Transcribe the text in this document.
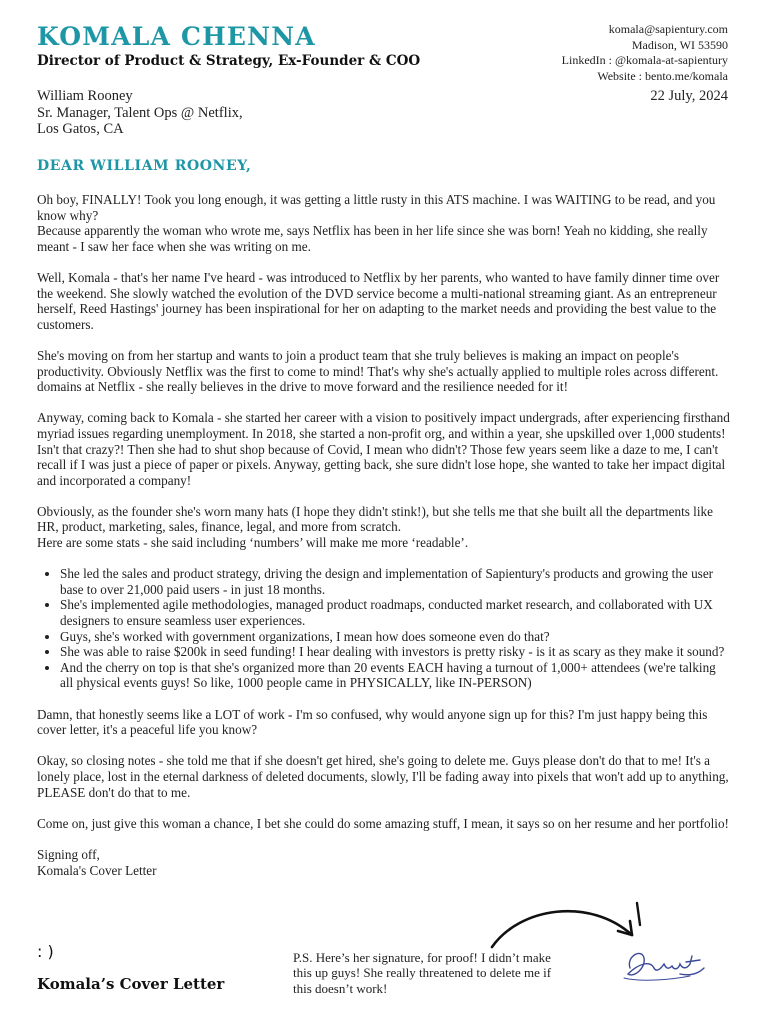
KOMALA CHENNA
Director of Product & Strategy, Ex-Founder & COO
komala@sapientury.com
Madison, WI 53590
LinkedIn : @komala-at-sapientury
Website : bento.me/komala
William Rooney
Sr. Manager, Talent Ops @ Netflix,
Los Gatos, CA
22 July, 2024
DEAR WILLIAM ROONEY,

Oh boy, FINALLY! Took you long enough, it was getting a little rusty in this ATS machine. I was WAITING to be read, and you know why?
Because apparently the woman who wrote me, says Netflix has been in her life since she was born! Yeah no kidding, she really meant - I saw her face when she was writing on me.

Well, Komala - that's her name I've heard - was introduced to Netflix by her parents, who wanted to have family dinner time over the weekend. She slowly watched the evolution of the DVD service become a multi-national streaming giant. As an entrepreneur herself, Reed Hastings' journey has been inspirational for her on adapting to the market needs and providing the best value to the customers.

She's moving on from her startup and wants to join a product team that she truly believes is making an impact on people's productivity. Obviously Netflix was the first to come to mind! That's why she's actually applied to multiple roles across different. domains at Netflix - she really believes in the drive to move forward and the resilience needed for it!

Anyway, coming back to Komala - she started her career with a vision to positively impact undergrads, after experiencing firsthand myriad issues regarding unemployment. In 2018, she started a non-profit org, and within a year, she upskilled over 1,000 students! Isn't that crazy?! Then she had to shut shop because of Covid, I mean who didn't? Those few years seem like a daze to me, I can't recall if I was just a piece of paper or pixels. Anyway, getting back, she sure didn't lose hope, she wanted to take her impact digital and incorporated a company!

Obviously, as the founder she's worn many hats (I hope they didn't stink!), but she tells me that she built all the departments like HR, product, marketing, sales, finance, legal, and more from scratch.
Here are some stats - she said including ‘numbers’ will make me more ‘readable’.

• She led the sales and product strategy, driving the design and implementation of Sapientury's products and growing the user base to over 21,000 paid users - in just 18 months.
• She's implemented agile methodologies, managed product roadmaps, conducted market research, and collaborated with UX designers to ensure seamless user experiences.
• Guys, she's worked with government organizations, I mean how does someone even do that?
• She was able to raise $200k in seed funding! I hear dealing with investors is pretty risky - is it as scary as they make it sound?
• And the cherry on top is that she's organized more than 20 events EACH having a turnout of 1,000+ attendees (we're talking all physical events guys! So like, 1000 people came in PHYSICALLY, like IN-PERSON)

Damn, that honestly seems like a LOT of work - I'm so confused, why would anyone sign up for this? I'm just happy being this cover letter, it's a peaceful life you know?

Okay, so closing notes - she told me that if she doesn't get hired, she's going to delete me. Guys please don't do that to me! It's a lonely place, lost in the eternal darkness of deleted documents, slowly, I'll be fading away into pixels that won't add up to anything, PLEASE don't do that to me.

Come on, just give this woman a chance, I bet she could do some amazing stuff, I mean, it says so on her resume and her portfolio!

Signing off,
Komala's Cover Letter
: )
Komala’s Cover Letter
P.S. Here’s her signature, for proof! I didn’t make this up guys! She really threatened to delete me if this doesn’t work!
